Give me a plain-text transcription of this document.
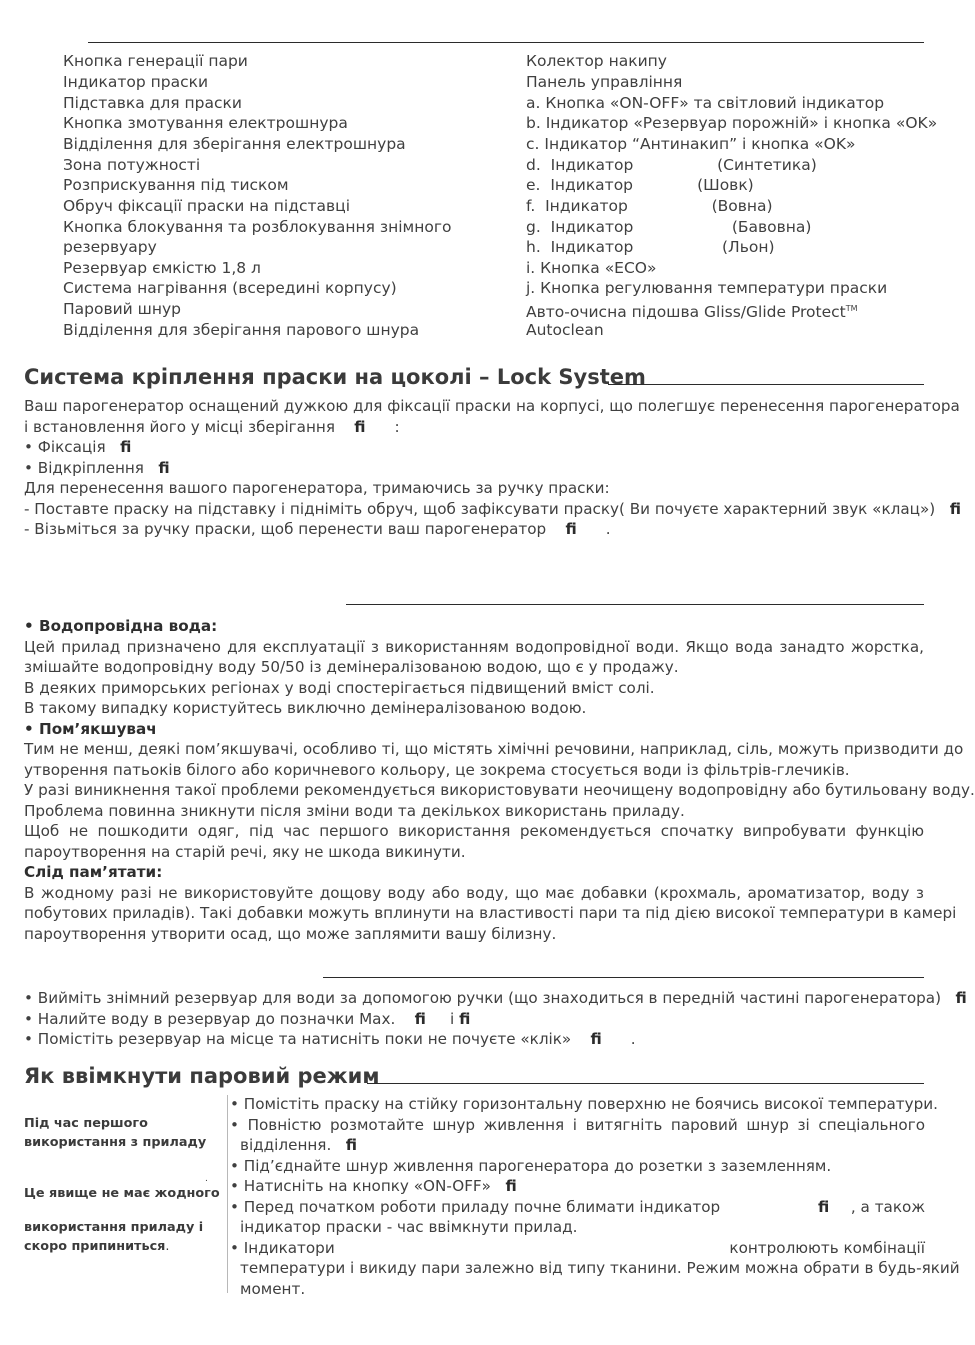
Кнопка генерації пари
Індикатор праски
Підставка для праски
Кнопка змотування електрошнура
Відділення для зберігання електрошнура
Зона потужності
Розприскування під тиском
Обруч фіксації праски на підставці
Кнопка блокування та розблокування знімного
резервуару
Резервуар ємкістю 1,8 л
Система нагрівання (всередині корпусу)
Паровий шнур
Відділення для зберігання парового шнура
Колектор накипу
Панель управління
a. Кнопка «ON-OFF» та світловий індикатор
b. Індикатор «Резервуар порожній» і кнопка «OK»
c. Індикатор “Антинакип” і кнопка «OK»
d.  Індикатор                 (Синтетика)
e.  Індикатор             (Шовк)
f.  Індикатор                 (Вовна)
g.  Індикатор                    (Бавовна)
h.  Індикатор                  (Льон)
i. Кнопка «ECO»
j. Кнопка регулювання температури праски
Авто-очисна підошва Gliss/Glide Protect™
Autoclean
Система кріплення праски на цоколі – Lock System
Ваш парогенератор оснащений дужкою для фіксації праски на корпусі, що полегшує перенесення парогенератора
і встановлення його у місці зберігання fi :
• Фіксація fi
• Відкріплення fi
Для перенесення вашого парогенератора, тримаючись за ручку праски:
- Поставте праску на підставку і підніміть обруч, щоб зафіксувати праску( Ви почуєте характерний звук «клац») fi
- Візьміться за ручку праски, щоб перенести ваш парогенератор fi .
• Водопровідна вода:
Цей прилад призначено для експлуатації з використанням водопровідної води. Якщо вода занадто жорстка,
змішайте водопровідну воду 50/50 із демінералізованою водою, що є у продажу.
В деяких приморських регіонах у воді спостерігається підвищений вміст солі.
В такому випадку користуйтесь виключно демінералізованою водою.
• Пом’якшувач
Тим не менш, деякі пом’якшувачі, особливо ті, що містять хімічні речовини, наприклад, сіль, можуть призводити до
утворення патьоків білого або коричневого кольору, це зокрема стосується води із фільтрів-глечиків.
У разі виникнення такої проблеми рекомендується використовувати неочищену водопровідну або бутильовану воду.
Проблема повинна зникнути після зміни води та декількох використань приладу.
Щоб не пошкодити одяг, під час першого використання рекомендується спочатку випробувати функцію
пароутворення на старій речі, яку не шкода викинути.
Слід пам’ятати:
В жодному разі не використовуйте дощову воду або воду, що має добавки (крохмаль, ароматизатор, воду з
побутових приладів). Такі добавки можуть вплинути на властивості пари та під дією високої температури в камері
пароутворення утворити осад, що може заплямити вашу білизну.
• Вийміть знімний резервуар для води за допомогою ручки (що знаходиться в передній частині парогенератора) fi
• Налийте воду в резервуар до позначки Max. fi і fi
• Помістіть резервуар на місце та натисніть поки не почуєте «клік» fi .
Як ввімкнути паровий режим
Під час першого
використання з приладу
.
Це явище не має жодного
використання приладу і
скоро припиниться.
• Помістіть праску на стійку горизонтальну поверхню не боячись високої температури.
• Повністю розмотайте шнур живлення і витягніть паровий шнур зі спеціального
відділення. fi
• Під’єднайте шнур живлення парогенератора до розетки з заземленням.
• Натисніть на кнопку «ON-OFF» fi
• Перед початком роботи приладу почне блимати індикатор	fi , а також
індикатор праски - час ввімкнути прилад.
• Індикатори	контролюють комбінації
температури і викиду пари залежно від типу тканини. Режим можна обрати в будь-який
момент.
